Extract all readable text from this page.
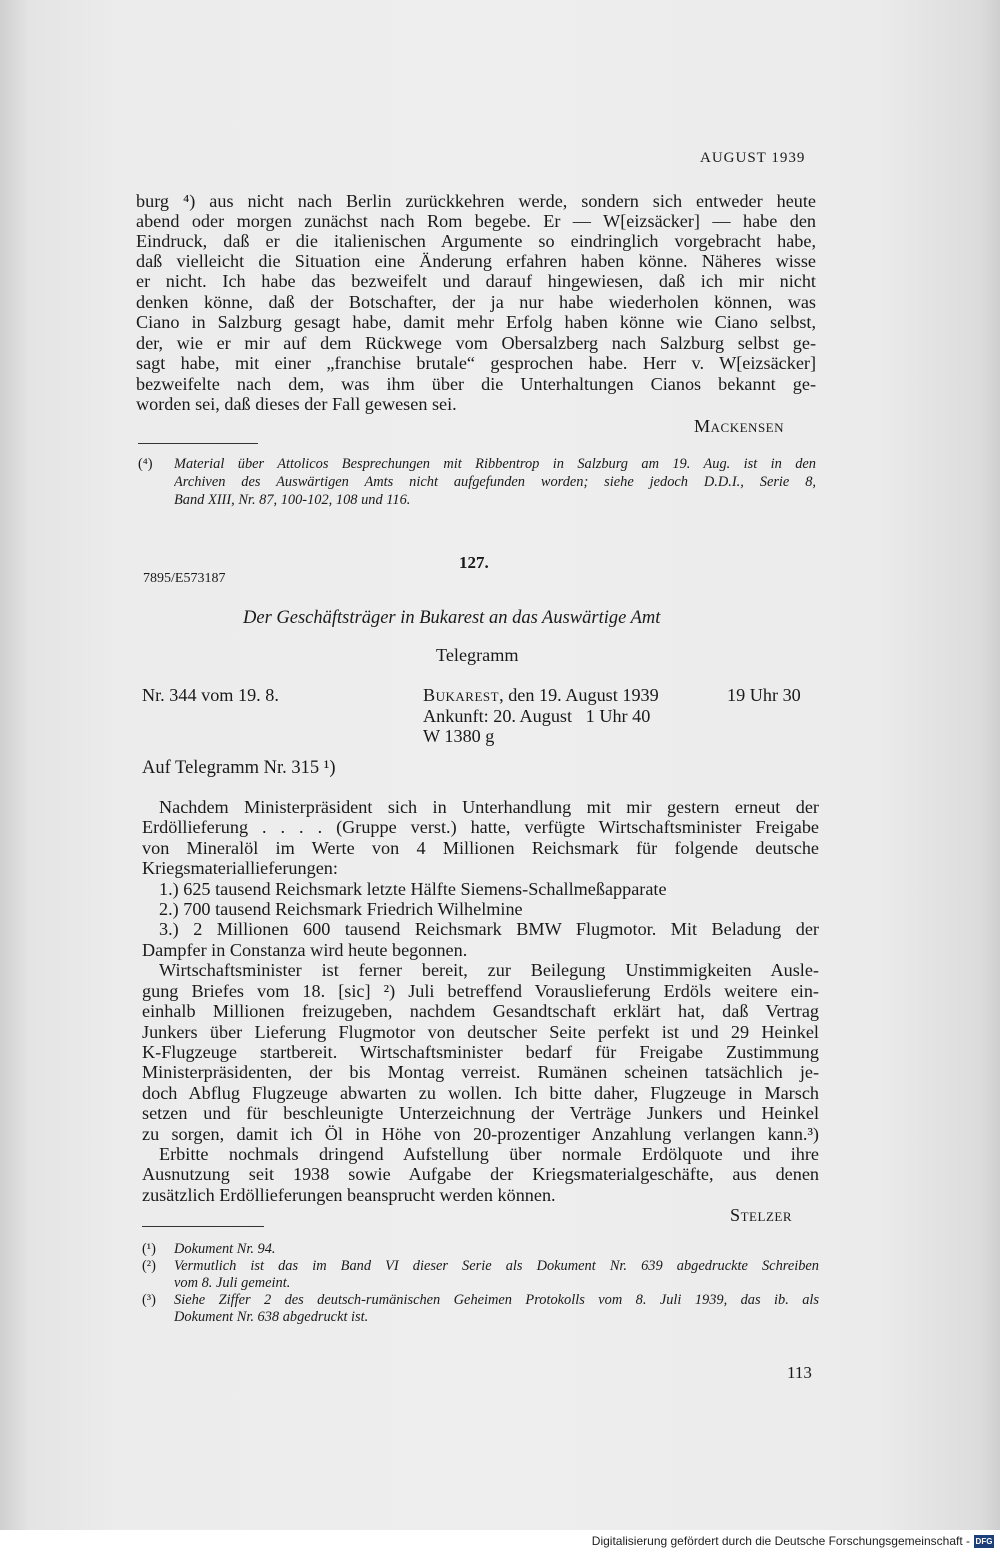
AUGUST 1939
burg ⁴) aus nicht nach Berlin zurückkehren werde, sondern sich entweder heute
abend oder morgen zunächst nach Rom begebe. Er — W[eizsäcker] — habe den
Eindruck, daß er die italienischen Argumente so eindringlich vorgebracht habe,
daß vielleicht die Situation eine Änderung erfahren haben könne. Näheres wisse
er nicht. Ich habe das bezweifelt und darauf hingewiesen, daß ich mir nicht
denken könne, daß der Botschafter, der ja nur habe wiederholen können, was
Ciano in Salzburg gesagt habe, damit mehr Erfolg haben könne wie Ciano selbst,
der, wie er mir auf dem Rückwege vom Obersalzberg nach Salzburg selbst ge-
sagt habe, mit einer „franchise brutale“ gesprochen habe. Herr v. W[eizsäcker]
bezweifelte nach dem, was ihm über die Unterhaltungen Cianos bekannt ge-
worden sei, daß dieses der Fall gewesen sei.
Mackensen
(⁴) Material über Attolicos Besprechungen mit Ribbentrop in Salzburg am 19. Aug. ist in den
Archiven des Auswärtigen Amts nicht aufgefunden worden; siehe jedoch D.D.I., Serie 8,
Band XIII, Nr. 87, 100-102, 108 und 116.
127.
7895/E573187
Der Geschäftsträger in Bukarest an das Auswärtige Amt
Telegramm
Nr. 344 vom 19. 8.	Bukarest, den 19. August 1939	19 Uhr 30
Ankunft: 20. August   1 Uhr 40
W 1380 g
Auf Telegramm Nr. 315 ¹)
Nachdem Ministerpräsident sich in Unterhandlung mit mir gestern erneut der
Erdöllieferung . . . . (Gruppe verst.) hatte, verfügte Wirtschaftsminister Freigabe
von Mineralöl im Werte von 4 Millionen Reichsmark für folgende deutsche
Kriegsmateriallieferungen:
1.) 625 tausend Reichsmark letzte Hälfte Siemens-Schallmeßapparate
2.) 700 tausend Reichsmark Friedrich Wilhelmine
3.) 2 Millionen 600 tausend Reichsmark BMW Flugmotor. Mit Beladung der
Dampfer in Constanza wird heute begonnen.
Wirtschaftsminister ist ferner bereit, zur Beilegung Unstimmigkeiten Ausle-
gung Briefes vom 18. [sic] ²) Juli betreffend Vorauslieferung Erdöls weitere ein-
einhalb Millionen freizugeben, nachdem Gesandtschaft erklärt hat, daß Vertrag
Junkers über Lieferung Flugmotor von deutscher Seite perfekt ist und 29 Heinkel
K-Flugzeuge startbereit. Wirtschaftsminister bedarf für Freigabe Zustimmung
Ministerpräsidenten, der bis Montag verreist. Rumänen scheinen tatsächlich je-
doch Abflug Flugzeuge abwarten zu wollen. Ich bitte daher, Flugzeuge in Marsch
setzen und für beschleunigte Unterzeichnung der Verträge Junkers und Heinkel
zu sorgen, damit ich Öl in Höhe von 20-prozentiger Anzahlung verlangen kann.³)
Erbitte nochmals dringend Aufstellung über normale Erdölquote und ihre
Ausnutzung seit 1938 sowie Aufgabe der Kriegsmaterialgeschäfte, aus denen
zusätzlich Erdöllieferungen beansprucht werden können.
Stelzer
(¹) Dokument Nr. 94.
(²) Vermutlich ist das im Band VI dieser Serie als Dokument Nr. 639 abgedruckte Schreiben
vom 8. Juli gemeint.
(³) Siehe Ziffer 2 des deutsch-rumänischen Geheimen Protokolls vom 8. Juli 1939, das ib. als
Dokument Nr. 638 abgedruckt ist.
113
Digitalisierung gefördert durch die Deutsche Forschungsgemeinschaft - DFG
